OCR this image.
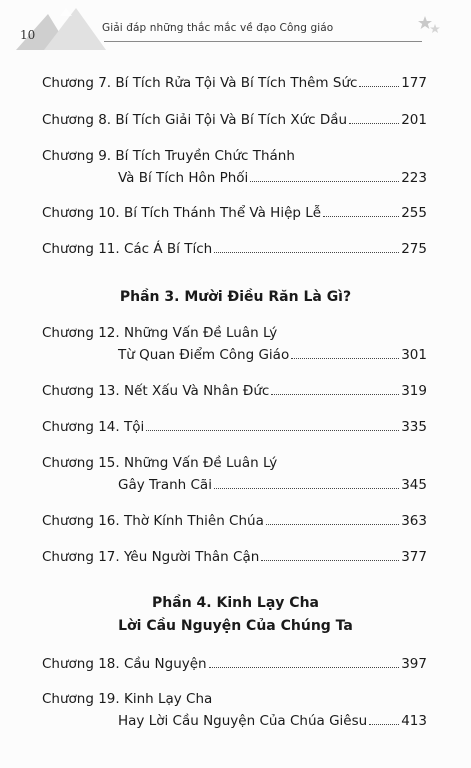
10	Giải đáp những thắc mắc về đạo Công giáo
Chương 7. Bí Tích Rửa Tội Và Bí Tích Thêm Sức	177
Chương 8. Bí Tích Giải Tội Và Bí Tích Xức Dầu	201
Chương 9. Bí Tích Truyền Chức Thánh
Và Bí Tích Hôn Phối	223
Chương 10. Bí Tích Thánh Thể Và Hiệp Lễ	255
Chương 11. Các Á Bí Tích	275
Phần 3. Mười Điều Răn Là Gì?
Chương 12. Những Vấn Đề Luân Lý
Từ Quan Điểm Công Giáo	301
Chương 13. Nết Xấu Và Nhân Đức	319
Chương 14. Tội	335
Chương 15. Những Vấn Đề Luân Lý
Gây Tranh Cãi	345
Chương 16. Thờ Kính Thiên Chúa	363
Chương 17. Yêu Người Thân Cận	377
Phần 4. Kinh Lạy Cha
Lời Cầu Nguyện Của Chúng Ta
Chương 18. Cầu Nguyện	397
Chương 19. Kinh Lạy Cha
Hay Lời Cầu Nguyện Của Chúa Giêsu	413
